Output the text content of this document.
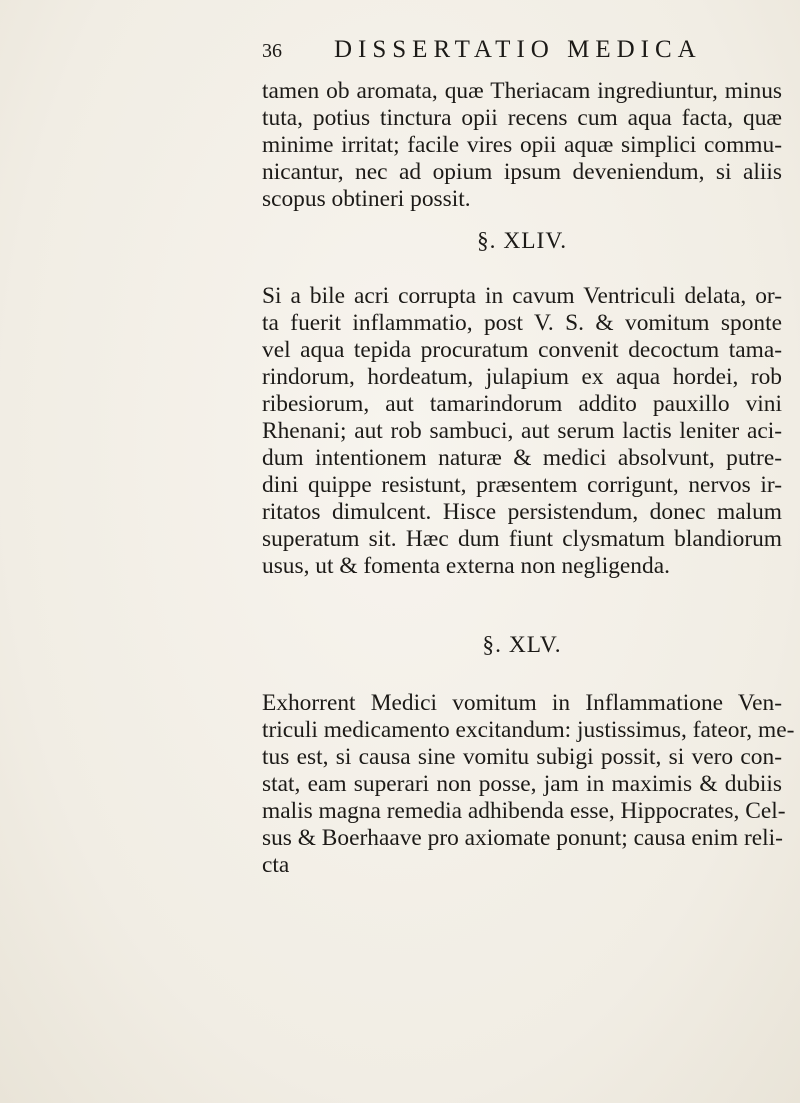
36 DISSERTATIO MEDICA
tamen ob aromata, quæ Theriacam ingrediuntur, minus
tuta, potius tinctura opii recens cum aqua facta, quæ
minime irritat; facile vires opii aquæ simplici commu-
nicantur, nec ad opium ipsum deveniendum, si aliis
scopus obtineri possit.
§. XLIV.
Si a bile acri corrupta in cavum Ventriculi delata, or-
ta fuerit inflammatio, post V. S. & vomitum sponte
vel aqua tepida procuratum convenit decoctum tama-
rindorum, hordeatum, julapium ex aqua hordei, rob
ribesiorum, aut tamarindorum addito pauxillo vini
Rhenani; aut rob sambuci, aut serum lactis leniter aci-
dum intentionem naturæ & medici absolvunt, putre-
dini quippe resistunt, præsentem corrigunt, nervos ir-
ritatos dimulcent. Hisce persistendum, donec malum
superatum sit. Hæc dum fiunt clysmatum blandiorum
usus, ut & fomenta externa non negligenda.
§. XLV.
Exhorrent Medici vomitum in Inflammatione Ven-
triculi medicamento excitandum: justissimus, fateor, me-
tus est, si causa sine vomitu subigi possit, si vero con-
stat, eam superari non posse, jam in maximis & dubiis
malis magna remedia adhibenda esse, Hippocrates, Cel-
sus & Boerhaave pro axiomate ponunt; causa enim reli-
cta
